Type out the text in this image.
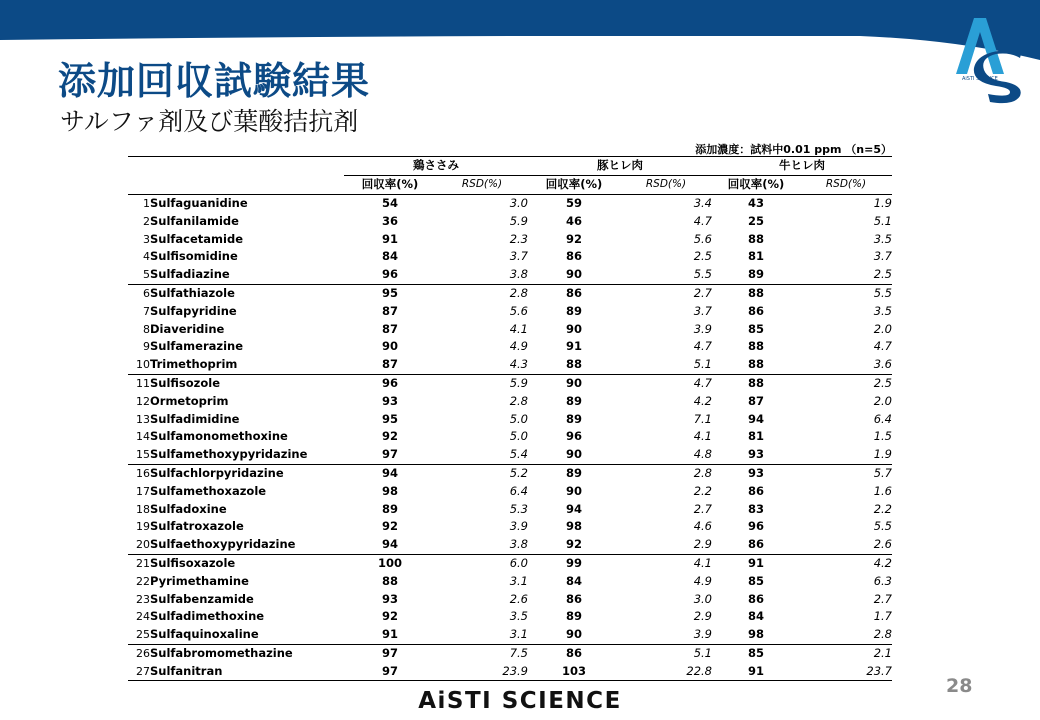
AiSTI SCIENCE
添加回収試験結果
サルファ剤及び葉酸拮抗剤
添加濃度：試料中0.01 ppm （n=5）
		鶏ささみ		豚ヒレ肉		牛ヒレ肉	
		回収率(%)	RSD(%)	回収率(%)	RSD(%)	回収率(%)	RSD(%)
1	Sulfaguanidine	54	3.0	59	3.4	43	1.9
2	Sulfanilamide	36	5.9	46	4.7	25	5.1
3	Sulfacetamide	91	2.3	92	5.6	88	3.5
4	Sulfisomidine	84	3.7	86	2.5	81	3.7
5	Sulfadiazine	96	3.8	90	5.5	89	2.5
6	Sulfathiazole	95	2.8	86	2.7	88	5.5
7	Sulfapyridine	87	5.6	89	3.7	86	3.5
8	Diaveridine	87	4.1	90	3.9	85	2.0
9	Sulfamerazine	90	4.9	91	4.7	88	4.7
10	Trimethoprim	87	4.3	88	5.1	88	3.6
11	Sulfisozole	96	5.9	90	4.7	88	2.5
12	Ormetoprim	93	2.8	89	4.2	87	2.0
13	Sulfadimidine	95	5.0	89	7.1	94	6.4
14	Sulfamonomethoxine	92	5.0	96	4.1	81	1.5
15	Sulfamethoxypyridazine	97	5.4	90	4.8	93	1.9
16	Sulfachlorpyridazine	94	5.2	89	2.8	93	5.7
17	Sulfamethoxazole	98	6.4	90	2.2	86	1.6
18	Sulfadoxine	89	5.3	94	2.7	83	2.2
19	Sulfatroxazole	92	3.9	98	4.6	96	5.5
20	Sulfaethoxypyridazine	94	3.8	92	2.9	86	2.6
21	Sulfisoxazole	100	6.0	99	4.1	91	4.2
22	Pyrimethamine	88	3.1	84	4.9	85	6.3
23	Sulfabenzamide	93	2.6	86	3.0	86	2.7
24	Sulfadimethoxine	92	3.5	89	2.9	84	1.7
25	Sulfaquinoxaline	91	3.1	90	3.9	98	2.8
26	Sulfabromomethazine	97	7.5	86	5.1	85	2.1
27	Sulfanitran	97	23.9	103	22.8	91	23.7
28
AiSTI SCIENCE
